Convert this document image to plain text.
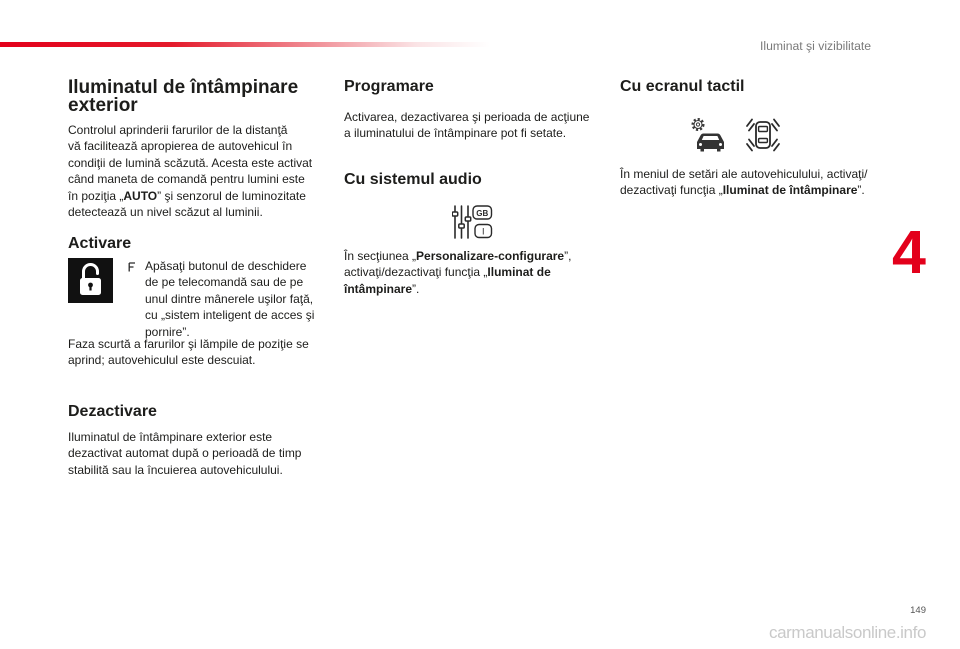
Iluminat şi vizibilitate
4
Iluminatul de întâmpinare
exterior
Controlul aprinderii farurilor de la distanţă
vă facilitează apropierea de autovehicul în
condiţii de lumină scăzută. Acesta este activat
când maneta de comandă pentru lumini este
în poziţia „AUTO” şi senzorul de luminozitate
detectează un nivel scăzut al luminii.
Activare
Apăsaţi butonul de deschidere
de pe telecomandă sau de pe
unul dintre mânerele uşilor faţă,
cu „sistem inteligent de acces şi
pornire”.
Faza scurtă a farurilor şi lămpile de poziţie se
aprind; autovehiculul este descuiat.
Dezactivare
Iluminatul de întâmpinare exterior este
dezactivat automat după o perioadă de timp
stabilită sau la încuierea autovehiculului.
Programare
Activarea, dezactivarea şi perioada de acţiune
a iluminatului de întâmpinare pot fi setate.
Cu sistemul audio
GB
I
În secţiunea „Personalizare-configurare”,
activaţi/dezactivaţi funcţia „Iluminat de
întâmpinare”.
Cu ecranul tactil
În meniul de setări ale autovehiculului, activaţi/
dezactivaţi funcţia „Iluminat de întâmpinare”.
149
carmanualsonline.info
